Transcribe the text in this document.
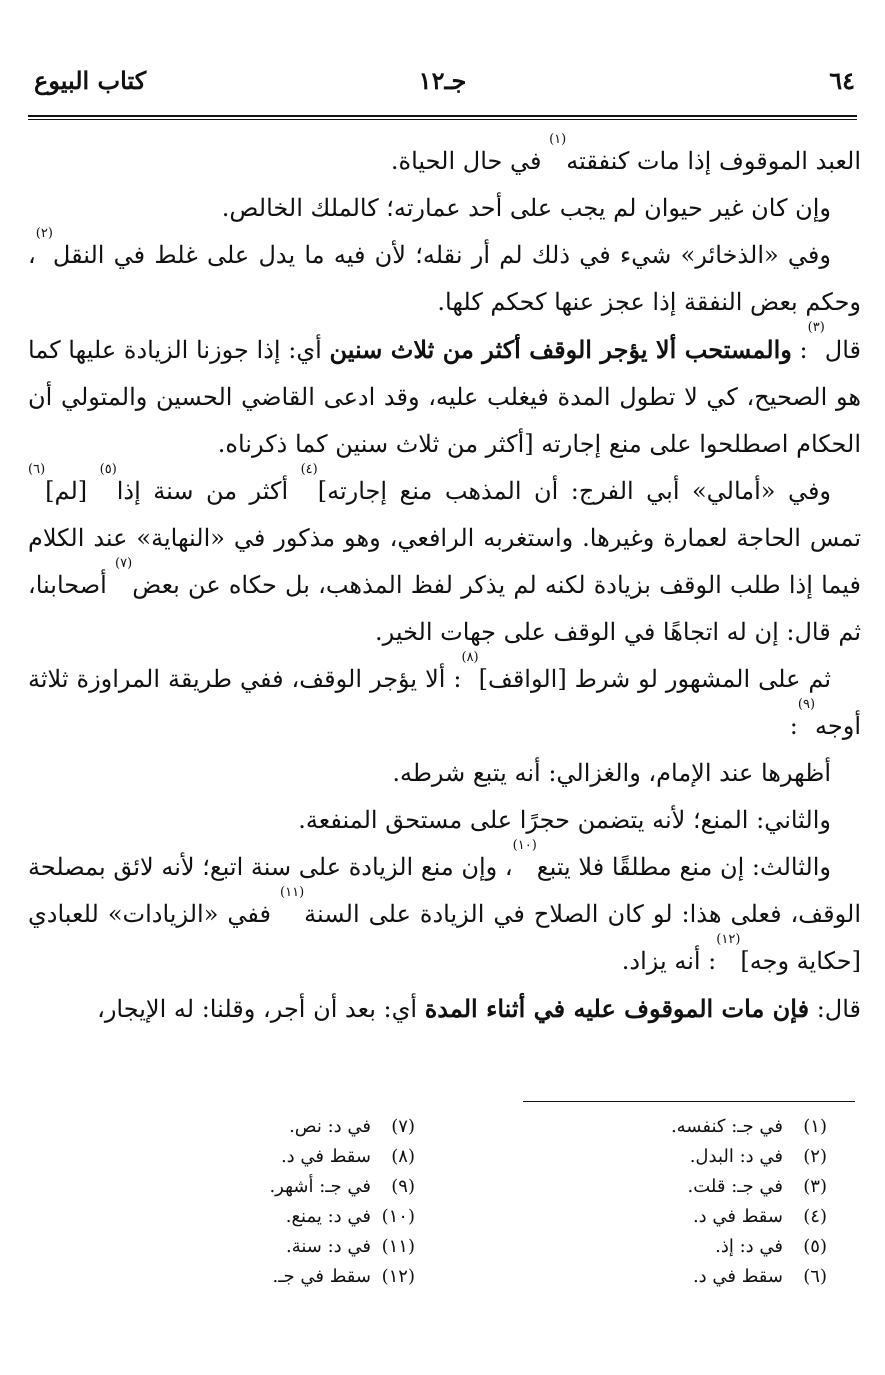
٦٤
جـ١٢
كتاب البيوع

العبد الموقوف إذا مات كنفقته$^{(١)}$ في حال الحياة.

وإن كان غير حيوان لم يجب على أحد عمارته؛ كالملك الخالص.

وفي «الذخائر» شيء في ذلك لم أر نقله؛ لأن فيه ما يدل على غلط في النقل$^{(٢)}$، وحكم بعض النفقة إذا عجز عنها كحكم كلها.

قال$^{(٣)}$: والمستحب ألا يؤجر الوقف أكثر من ثلاث سنين أي: إذا جوزنا الزيادة عليها كما هو الصحيح، كي لا تطول المدة فيغلب عليه، وقد ادعى القاضي الحسين والمتولي أن الحكام اصطلحوا على منع إجارته [أكثر من ثلاث سنين كما ذكرناه.

وفي «أمالي» أبي الفرج: أن المذهب منع إجارته]$^{(٤)}$ أكثر من سنة إذا$^{(٥)}$ [لم]$^{(٦)}$ تمس الحاجة لعمارة وغيرها. واستغربه الرافعي، وهو مذكور في «النهاية» عند الكلام فيما إذا طلب الوقف بزيادة لكنه لم يذكر لفظ المذهب، بل حكاه عن بعض$^{(٧)}$ أصحابنا، ثم قال: إن له اتجاهًا في الوقف على جهات الخير.

ثم على المشهور لو شرط [الواقف]$^{(٨)}$: ألا يؤجر الوقف، ففي طريقة المراوزة ثلاثة أوجه$^{(٩)}$:

أظهرها عند الإمام، والغزالي: أنه يتبع شرطه.

والثاني: المنع؛ لأنه يتضمن حجرًا على مستحق المنفعة.

والثالث: إن منع مطلقًا فلا يتبع$^{(١٠)}$، وإن منع الزيادة على سنة اتبع؛ لأنه لائق بمصلحة الوقف، فعلى هذا: لو كان الصلاح في الزيادة على السنة$^{(١١)}$ ففي «الزيادات» للعبادي [حكاية وجه]$^{(١٢)}$: أنه يزاد.

قال: فإن مات الموقوف عليه في أثناء المدة أي: بعد أن أجر، وقلنا: له الإيجار،

(١)في جـ: كنفسه.
(٢)في د: البدل.
(٣)في جـ: قلت.
(٤)سقط في د.
(٥)في د: إذ.
(٦)سقط في د.
(٧)في د: نص.
(٨)سقط في د.
(٩)في جـ: أشهر.
(١٠)في د: يمنع.
(١١)في د: سنة.
(١٢)سقط في جـ.
